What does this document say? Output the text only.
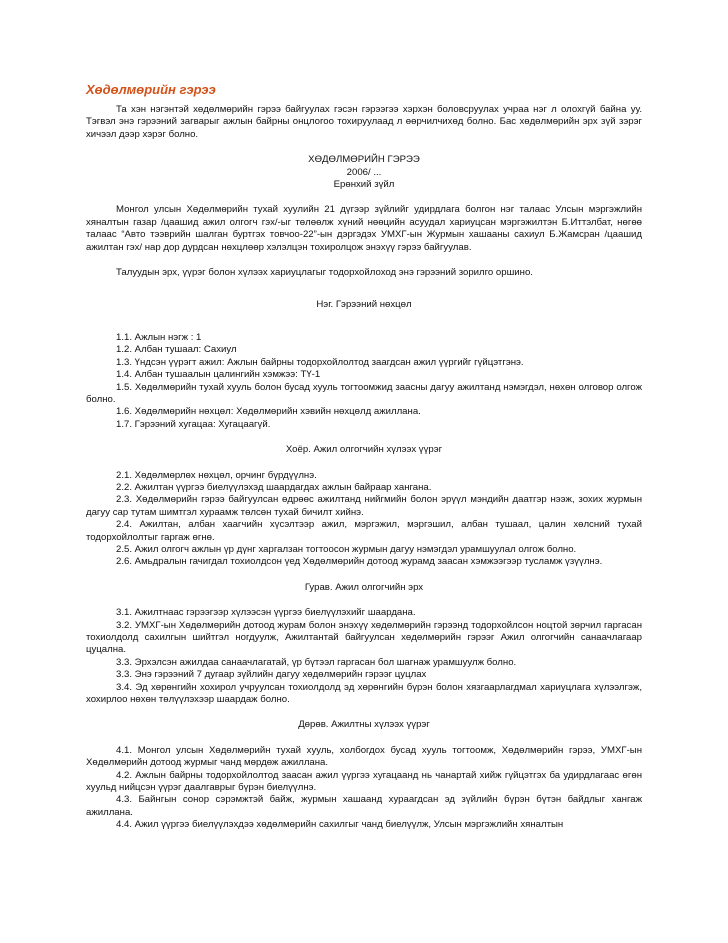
Хөдөлмөрийн гэрээ

Та хэн нэгэнтэй хөдөлмөрийн гэрээ байгуулах гэсэн гэрээгээ хэрхэн боловсруулах учраа нэг л олохгүй байна уу. Тэгвэл энэ гэрээний загварыг ажлын байрны онцлогоо тохируулаад л өөрчилчихөд болно. Бас хөдөлмөрийн эрх зүй зэрэг хичээл дээр хэрэг болно.

ХӨДӨЛМӨРИЙН ГЭРЭЭ

2006/ ...

Ерөнхий зүйл

Монгол улсын Хөдөлмөрийн тухай хуулийн 21 дүгээр зүйлийг удирдлага болгон нэг талаас Улсын мэргэжлийн хяналтын газар /цаашид ажил олгогч гэх/-ыг төлөөлж хүний нөөцийн асуудал хариуцсан мэргэжилтэн Б.Иттэлбат, нөгөө талаас “Авто тээврийн шалган буртгэх товчоо-22”-ын дэргэдэх УМХГ-ын Журмын хашааны сахиул Б.Жамсран /цаашид ажилтан гэх/ нар дор дурдсан нөхцлөөр хэлэлцэн тохиролцож энэхүү гэрээ байгуулав.

Талуудын эрх, үүрэг болон хүлээх хариуцлагыг тодорхойлоход энэ гэрээний зорилго оршино.

Нэг. Гэрээний нөхцөл

1.1. Ажлын нэгж : 1

1.2. Албан тушаал: Сахиул

1.3. Үндсэн үүрэгт ажил: Ажлын байрны тодорхойлолтод заагдсан ажил үүргийг гүйцэтгэнэ.

1.4. Албан тушаалын цалингийн хэмжээ: ТҮ-1

1.5. Хөдөлмөрийн тухай хууль болон бусад хууль тогтоомжид заасны дагуу ажилтанд нэмэгдэл, нөхөн олговор олгож болно.

1.6. Хөдөлмөрийн нөхцөл: Хөдөлмөрийн хэвийн нөхцөлд ажиллана.

1.7. Гэрээний хугацаа: Хугацаагүй.

Хоёр. Ажил олгогчийн хүлээх үүрэг

2.1. Хөдөлмөрлөх нөхцөл, орчинг бүрдүүлнэ.

2.2. Ажилтан үүргээ биелүүлэхэд шаардагдах ажлын байраар хангана.

2.3. Хөдөлмөрийн гэрээ байгуулсан өдрөөс ажилтанд нийгмийн болон эрүүл мэндийн даатгэр нээж, зохих журмын дагуу сар тутам шимтгэл хураамж төлсөн тухай бичилт хийнэ.

2.4. Ажилтан, албан хаагчийн хүсэлтээр ажил, мэргэжил, мэргэшил, албан тушаал, цалин хөлсний тухай тодорхойлолтыг гаргаж өгнө.

2.5. Ажил олгогч ажлын үр дүнг харгалзан тогтоосон журмын дагуу нэмэгдэл урамшуулал олгож болно.

2.6. Амьдралын гачигдал тохиолдсон үед Хөдөлмөрийн дотоод журамд заасан хэмжээгээр тусламж үзүүлнэ.

Гурав. Ажил олгогчийн эрх

3.1. Ажилтнаас гэрээгээр хүлээсэн үүргээ биелүүлэхийг шаардана.

3.2. УМХГ-ын Хөдөлмөрийн дотоод журам болон энэхүү хөдөлмөрийн гэрээнд тодорхойлсон ноцтой зөрчил гаргасан тохиолдолд сахилгын шийтгэл ногдуулж, Ажилтантай байгуулсан хөдөлмөрийн гэрээг Ажил олгогчийн санаачлагаар цуцална.

3.3. Эрхэлсэн ажилдаа санаачлагатай, үр бүтээл гаргасан бол шагнаж урамшуулж болно.

3.3. Энэ гэрээний 7 дугаар зүйлийн дагуу хөдөлмөрийн гэрээг цуцлах

3.4. Эд хөрөнгийн хохирол учруулсан тохиолдолд эд хөрөнгийн бүрэн болон хязгаарлагдмал хариуцлага хүлээлгэж, хохирлоо нөхөн төлүүлэхээр шаардаж болно.

Дөрөв. Ажилтны хүлээх үүрэг

4.1. Монгол улсын Хөдөлмөрийн тухай хууль, холбогдох бусад хууль тогтоомж, Хөдөлмөрийн гэрээ, УМХГ-ын Хөдөлмөрийн дотоод журмыг чанд мөрдөж ажиллана.

4.2. Ажлын байрны тодорхойлолтод заасан ажил үүргээ хугацаанд нь чанартай хийж гүйцэтгэх ба удирдлагаас өгөн хуульд нийцсэн үүрэг даалгаврыг бүрэн биелүүлнэ.

4.3. Байнгын сонор сэрэмжтэй байж, журмын хашаанд хураагдсан эд зүйлийн бүрэн бүтэн байдлыг хангаж ажиллана.

4.4. Ажил үүргээ биелүүлэхдээ хөдөлмөрийн сахилгыг чанд биелүүлж, Улсын мэргэжлийн хяналтын
